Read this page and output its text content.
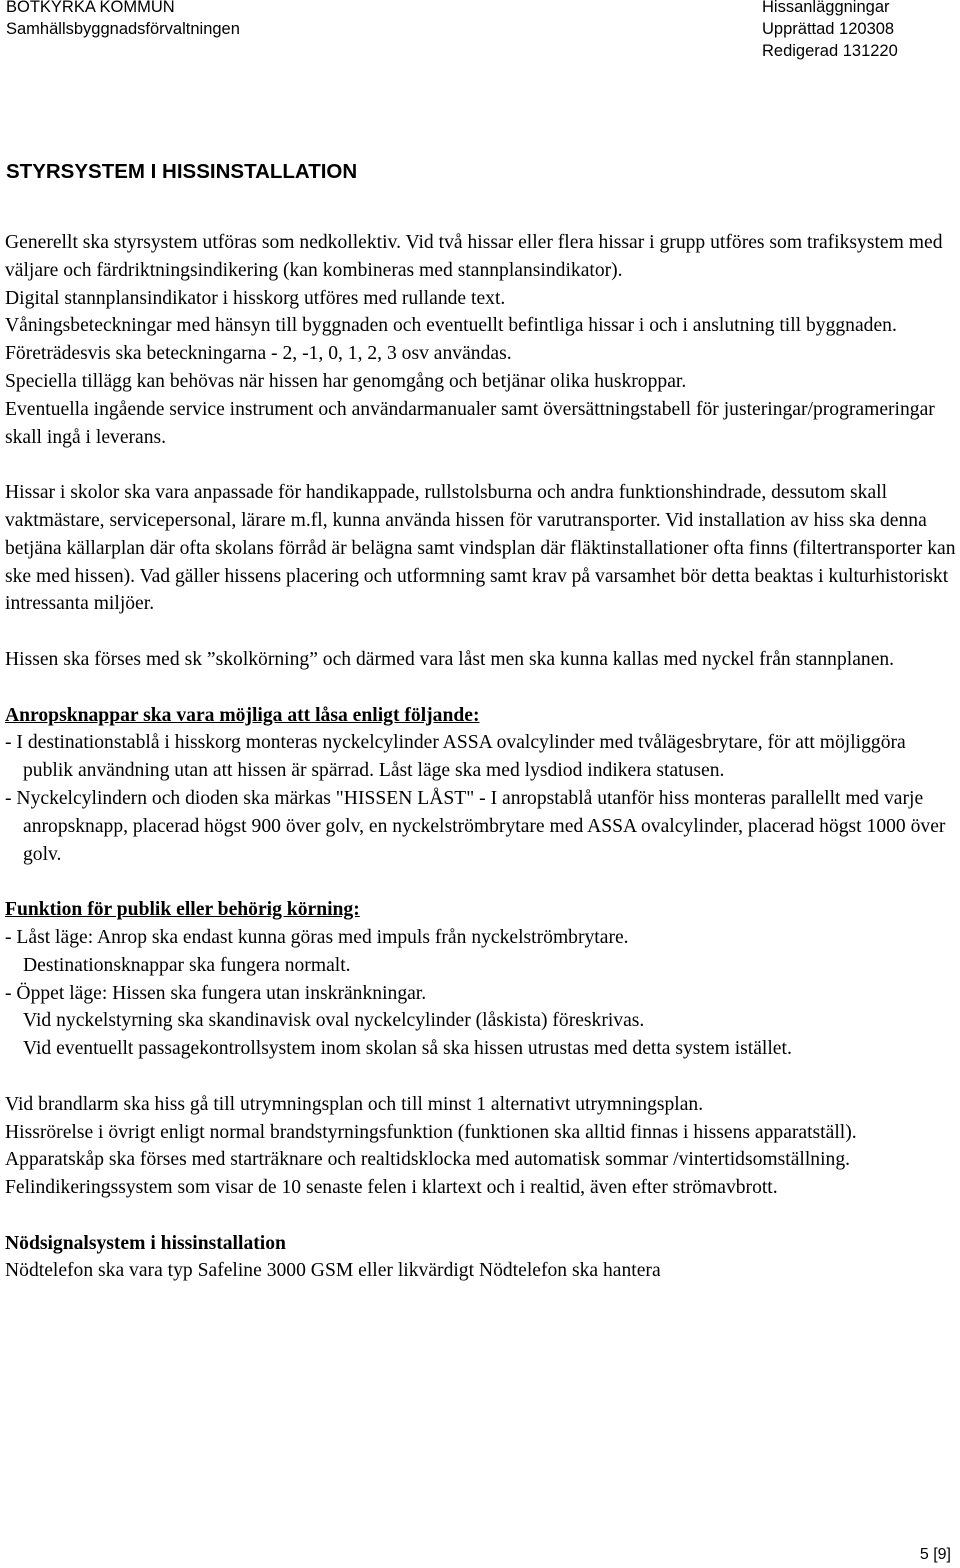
BOTKYRKA KOMMUN
Samhällsbyggnadsförvaltningen
Hissanläggningar
Upprättad 120308
Redigerad 131220
STYRSYSTEM I HISSINSTALLATION

Generellt ska styrsystem utföras som nedkollektiv. Vid två hissar eller flera hissar i grupp utföres som trafiksystem med väljare och färdriktningsindikering (kan kombineras med stannplansindikator).

Digital stannplansindikator i hisskorg utföres med rullande text.

Våningsbeteckningar med hänsyn till byggnaden och eventuellt befintliga hissar i och i anslutning till byggnaden. Företrädesvis ska beteckningarna - 2, -1, 0, 1, 2, 3 osv användas.

Speciella tillägg kan behövas när hissen har genomgång och betjänar olika huskroppar.

Eventuella ingående service instrument och användarmanualer samt översättningstabell för justeringar/programeringar skall ingå i leverans.

Hissar i skolor ska vara anpassade för handikappade, rullstolsburna och andra funktionshindrade, dessutom skall vaktmästare, servicepersonal, lärare m.fl, kunna använda hissen för varutransporter. Vid installation av hiss ska denna betjäna källarplan där ofta skolans förråd är belägna samt vindsplan där fläktinstallationer ofta finns (filtertransporter kan ske med hissen). Vad gäller hissens placering och utformning samt krav på varsamhet bör detta beaktas i kulturhistoriskt intressanta miljöer.

Hissen ska förses med sk ”skolkörning” och därmed vara låst men ska kunna kallas med nyckel från stannplanen.

Anropsknappar ska vara möjliga att låsa enligt följande:

- I destinationstablå i hisskorg monteras nyckelcylinder ASSA ovalcylinder med tvålägesbrytare, för att möjliggöra publik användning utan att hissen är spärrad. Låst läge ska med lysdiod indikera statusen.

- Nyckelcylindern och dioden ska märkas "HISSEN LÅST" - I anropstablå utanför hiss monteras parallellt med varje anropsknapp, placerad högst 900 över golv, en nyckelströmbrytare med ASSA ovalcylinder, placerad högst 1000 över golv.

Funktion för publik eller behörig körning:

- Låst läge: Anrop ska endast kunna göras med impuls från nyckelströmbrytare.

Destinationsknappar ska fungera normalt.

- Öppet läge: Hissen ska fungera utan inskränkningar.

Vid nyckelstyrning ska skandinavisk oval nyckelcylinder (låskista) föreskrivas.

Vid eventuellt passagekontrollsystem inom skolan så ska hissen utrustas med detta system istället.

Vid brandlarm ska hiss gå till utrymningsplan och till minst 1 alternativt utrymningsplan.

Hissrörelse i övrigt enligt normal brandstyrningsfunktion (funktionen ska alltid finnas i hissens apparatställ).

Apparatskåp ska förses med starträknare och realtidsklocka med automatisk sommar /vintertidsomställning.

Felindikeringssystem som visar de 10 senaste felen i klartext och i realtid, även efter strömavbrott.

Nödsignalsystem i hissinstallation

Nödtelefon ska vara typ Safeline 3000 GSM eller likvärdigt Nödtelefon ska hantera

5 [9]
